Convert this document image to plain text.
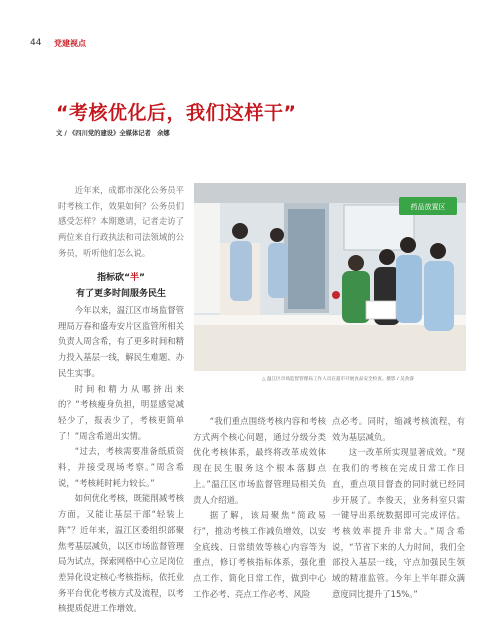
44 党建视点
“考核优化后，我们这样干”
文 / 《四川党的建设》全媒体记者　余娜

近年来，成都市深化公务员平时考核工作，效果如何？公务员们感受怎样？本期邀请，记者走访了两位来自行政执法和司法领域的公务员，听听他们怎么说。

指标砍“半”
有了更多时间服务民生

今年以来，温江区市场监督管理局万春和盛寿安片区监管所相关负责人周含希，有了更多时间和精力投入基层一线，解民生难题、办民生实事。

时间和精力从哪挤出来的？“考核瘦身负担，明显感觉减轻少了，报表少了，考核更简单了！”周含希道出实情。

“过去，考核需要准备纸质资料，并接受现场考察。”周含希说，“考核耗时耗力较长。”

如何优化考核，既能削减考核方面，又能让基层干部“轻装上阵”？近年来，温江区委组织部聚焦考基层减负，以区市场监督管理局为试点，探索网格中心立足岗位差异化设定核心考核指标，依托业务平台优化考核方式及流程，以考核提质促进工作增效。

药品放置区
△ 温江区市场监督管理局工作人员在超市开展食品安全检查。摄影 / 吴劲睿

“我们重点围绕考核内容和考核方式两个核心问题，通过分级分类优化考核体系，最终将改革成效体现在民生服务这个根本落脚点上。”温江区市场监督管理局相关负责人介绍道。

据了解，该局聚焦“简政易行”，推动考核工作减负增效，以安全底线、日常绩效等核心内容等为重点，修订考核指标体系，强化重点工作、简化日常工作，做到中心工作必考、亮点工作必考、风险

点必考。同时，缩减考核流程，有效为基层减负。

这一改革所实现显著成效。“现在我们的考核在完成日常工作日直，重点项目督查的同时就已经同步开展了。李俊天，业务科室只需一键导出系统数据即可完成评估。考核效率提升非常大。”周含希说，“节省下来的人力时间，我们全部投入基层一线，守点加强民生领域的精准监管。今年上半年群众满意度同比提升了15%。”
